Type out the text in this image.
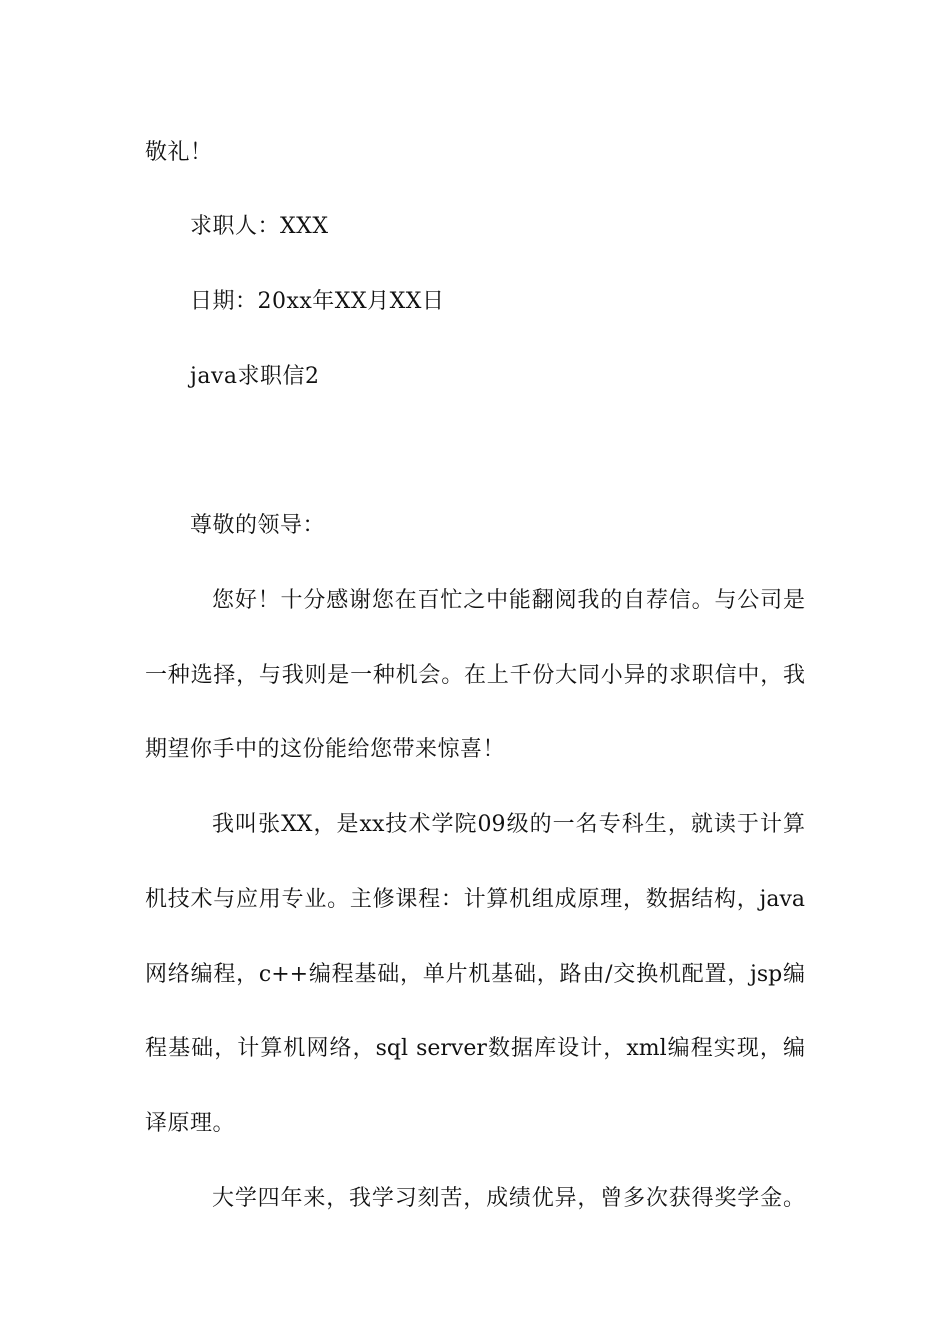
敬礼！
求职人：XXX
日期：20xx年XX月XX日
java求职信2
尊敬的领导：
您好！十分感谢您在百忙之中能翻阅我的自荐信。与公司是
一种选择，与我则是一种机会。在上千份大同小异的求职信中，我
期望你手中的这份能给您带来惊喜！
我叫张XX，是xx技术学院09级的一名专科生，就读于计算
机技术与应用专业。主修课程：计算机组成原理，数据结构，java
网络编程，c++编程基础，单片机基础，路由/交换机配置，jsp编
程基础，计算机网络，sql server数据库设计，xml编程实现，编
译原理。
大学四年来，我学习刻苦，成绩优异，曾多次获得奖学金。
